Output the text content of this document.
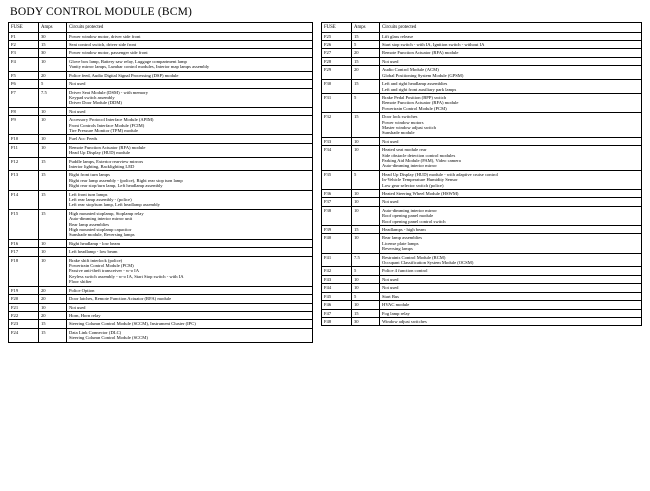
BODY CONTROL MODULE (BCM)
FUSE	Amps	Circuits protected
F1	30	Power window motor, driver side front

F2	15	Seat control switch, driver side front

F3	30	Power window motor, passenger side front

F4	10	Glove box lamp, Battery saw relay, Luggage compartment lamp
Vanity mirror lamps, Lumbar control modules, Interior map lamps assembly

F5	20	Police feed, Audio Digital Signal Processing (DSP) module

F6	5	Not used

F7	7.5	Driver Seat Module (DSM) - with memory
Keypad switch assembly
Driver Door Module (DDM)

F8	10	Not used

F9	10	Accessory Protocol Interface Module (APIM)
Front Controls Interface Module (FCIM)
Tire Pressure Monitor (TPM) module

F10	10	Fuel Acc Feeds

F11	10	Remote Function Actuator (RFA) module
Head Up Display (HUD) module

F12	15	Puddle lamps, Exterior rearview mirrors
Interior lighting, Backlighting LED

F13	15	Right front turn lamps
Right rear lamp assembly - (police), Right rear stop turn lamp
Right rear stop/turn lamp, Left headlamp assembly

F14	15	Left front turn lamps
Left rear lamp assembly - (police)
Left rear stop/turn lamp, Left headlamp assembly

F15	15	High mounted stoplamp, Stoplamp relay
Auto-dimming interior mirror unit
Rear lamp assemblies
High mounted stoplamp capacitor
Sunshade module, Reversing lamps

F16	10	Right headlamp - low beam

F17	10	Left headlamp - low beam

F18	10	Brake shift interlock (police)
Powertrain Control Module (PCM)
Passive anti-theft transceiver - w-o IA
Keyless switch assembly - w-o IA, Start Stop switch - with IA
Floor shifter

F19	20	Police Option

F20	20	Door latches, Remote Function Actuator (RFA) module

F21	10	Not used

F22	20	Horn, Horn relay

F23	15	Steering Column Control Module (SCCM), Instrument Cluster (IPC)

F24	15	Data Link Connector (DLC)
Steering Column Control Module (SCCM)
FUSE	Amps	Circuits protected
F25	15	Lift glass release

F26	5	Start stop switch - with IA, Ignition switch - without IA

F27	20	Remote Function Actuator (RFA) module

F28	15	Not used

F29	20	Audio Control Module (ACM)
Global Positioning System Module (GPSM)

F30	15	Left and right headlamp assemblies
Left and right front auxiliary park lamps

F31	5	Brake Pedal Position (BPP) switch
Remote Function Actuator (RFA) module
Powertrain Control Module (PCM)

F32	15	Door lock switches
Power window motors
Master window adjust switch
Sunshade module

F33	10	Not used

F34	10	Heated seat module rear
Side obstacle detection control modules
Parking Aid Module (PAM), Video camera
Auto-dimming interior mirror

F35	5	Head Up Display (HUD) module - with adaptive cruise control
In-Vehicle Temperature Humidity Sensor
Low gear selector switch (police)

F36	10	Heated Steering Wheel Module (HSWM)

F37	10	Not used

F38	10	Auto-dimming interior mirror
Roof opening panel module
Roof opening panel control switch

F39	15	Headlamps - high beam

F40	10	Rear lamp assemblies
License plate lamps
Reversing lamps

F41	7.5	Restraints Control Module (RCM)
Occupant Classification System Module (OCSM)

F42	5	Police 4 function control

F43	10	Not used

F44	10	Not used

F45	5	Start Bus

F46	10	HVAC module

F47	15	Fog lamp relay

F48	30	Window adjust switches
